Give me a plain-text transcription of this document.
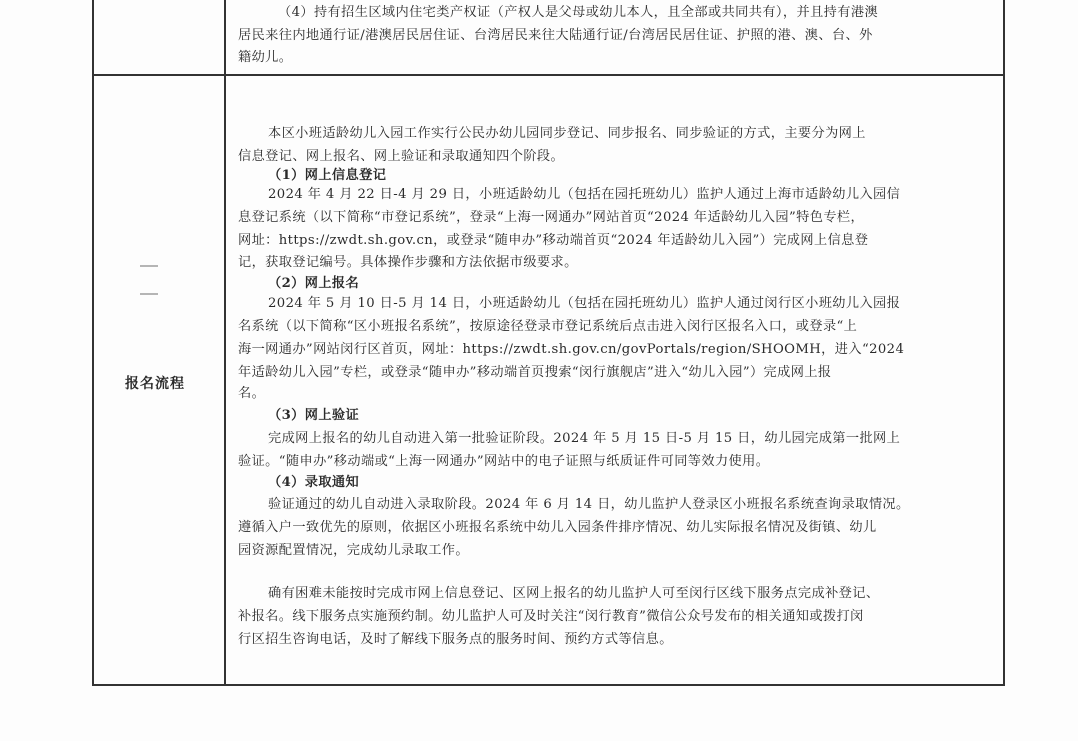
（4）持有招生区域内住宅类产权证（产权人是父母或幼儿本人，且全部或共同共有），并且持有港澳
居民来往内地通行证/港澳居民居住证、台湾居民来往大陆通行证/台湾居民居住证、护照的港、澳、台、外
籍幼儿。
报名流程
本区小班适龄幼儿入园工作实行公民办幼儿园同步登记、同步报名、同步验证的方式，主要分为网上
信息登记、网上报名、网上验证和录取通知四个阶段。
（1）网上信息登记
2024 年 4 月 22 日-4 月 29 日，小班适龄幼儿（包括在园托班幼儿）监护人通过上海市适龄幼儿入园信
息登记系统（以下简称“市登记系统”，登录“上海一网通办”网站首页“2024 年适龄幼儿入园”特色专栏，
网址：https://zwdt.sh.gov.cn，或登录“随申办”移动端首页“2024 年适龄幼儿入园”）完成网上信息登
记，获取登记编号。具体操作步骤和方法依据市级要求。
（2）网上报名
2024 年 5 月 10 日-5 月 14 日，小班适龄幼儿（包括在园托班幼儿）监护人通过闵行区小班幼儿入园报
名系统（以下简称“区小班报名系统”，按原途径登录市登记系统后点击进入闵行区报名入口，或登录“上
海一网通办”网站闵行区首页，网址：https://zwdt.sh.gov.cn/govPortals/region/SHOOMH，进入“2024
年适龄幼儿入园”专栏，或登录“随申办”移动端首页搜索“闵行旗舰店”进入“幼儿入园”）完成网上报
名。
（3）网上验证
完成网上报名的幼儿自动进入第一批验证阶段。2024 年 5 月 15 日-5 月 15 日，幼儿园完成第一批网上
验证。“随申办”移动端或“上海一网通办”网站中的电子证照与纸质证件可同等效力使用。
（4）录取通知
验证通过的幼儿自动进入录取阶段。2024 年 6 月 14 日，幼儿监护人登录区小班报名系统查询录取情况。
遵循入户一致优先的原则，依据区小班报名系统中幼儿入园条件排序情况、幼儿实际报名情况及街镇、幼儿
园资源配置情况，完成幼儿录取工作。
确有困难未能按时完成市网上信息登记、区网上报名的幼儿监护人可至闵行区线下服务点完成补登记、
补报名。线下服务点实施预约制。幼儿监护人可及时关注“闵行教育”微信公众号发布的相关通知或拨打闵
行区招生咨询电话，及时了解线下服务点的服务时间、预约方式等信息。
